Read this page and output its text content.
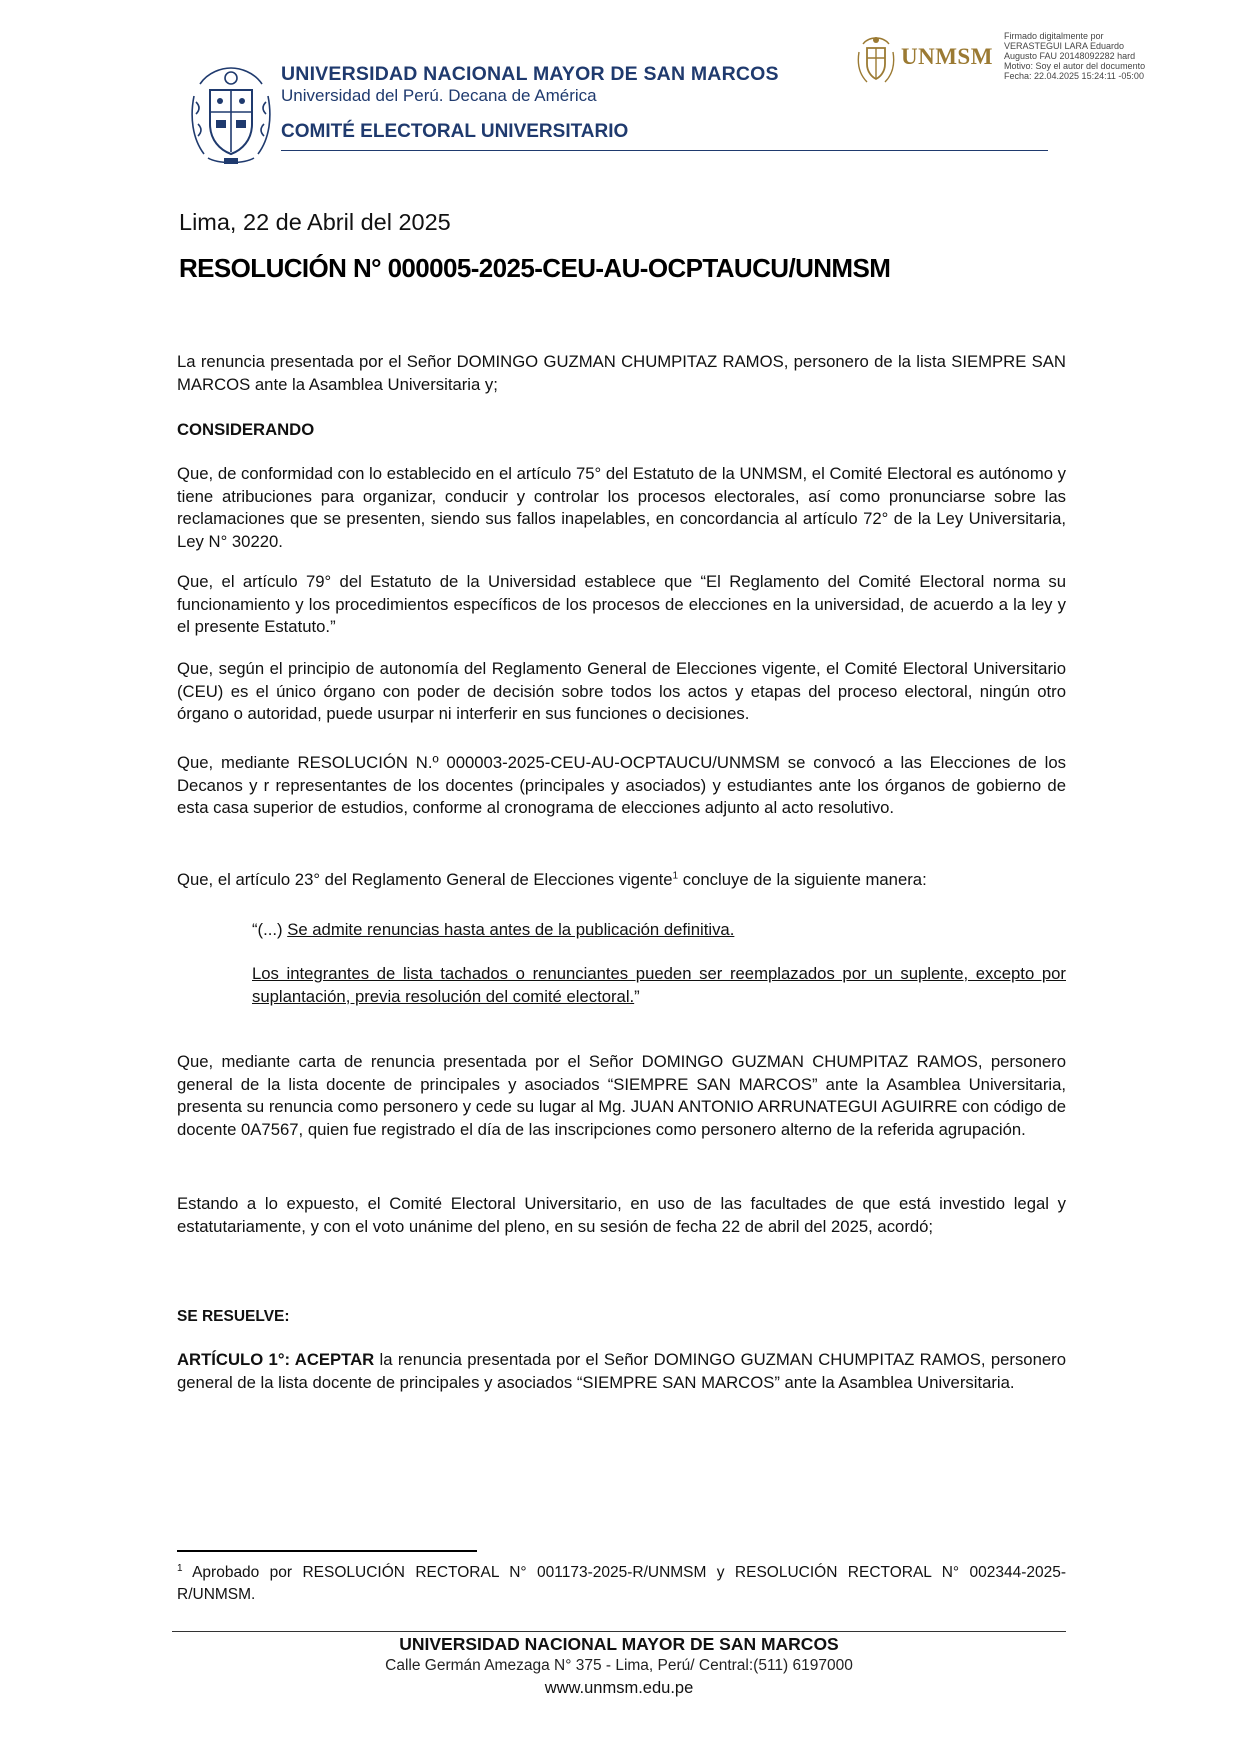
UNIVERSIDAD NACIONAL MAYOR DE SAN MARCOS
Universidad del Perú. Decana de América
COMITÉ ELECTORAL UNIVERSITARIO
UNMSM
Firmado digitalmente por
VERASTEGUI LARA Eduardo
Augusto FAU 20148092282 hard
Motivo: Soy el autor del documento
Fecha: 22.04.2025 15:24:11 -05:00
Lima, 22 de Abril del 2025
RESOLUCIÓN N° 000005-2025-CEU-AU-OCPTAUCU/UNMSM

La renuncia presentada por el Señor DOMINGO GUZMAN CHUMPITAZ RAMOS, personero de la lista SIEMPRE SAN MARCOS ante la Asamblea Universitaria y;

CONSIDERANDO

Que, de conformidad con lo establecido en el artículo 75° del Estatuto de la UNMSM, el Comité Electoral es autónomo y tiene atribuciones para organizar, conducir y controlar los procesos electorales, así como pronunciarse sobre las reclamaciones que se presenten, siendo sus fallos inapelables, en concordancia al artículo 72° de la Ley Universitaria, Ley N° 30220.

Que, el artículo 79° del Estatuto de la Universidad establece que “El Reglamento del Comité Electoral norma su funcionamiento y los procedimientos específicos de los procesos de elecciones en la universidad, de acuerdo a la ley y el presente Estatuto.”

Que, según el principio de autonomía del Reglamento General de Elecciones vigente, el Comité Electoral Universitario (CEU) es el único órgano con poder de decisión sobre todos los actos y etapas del proceso electoral, ningún otro órgano o autoridad, puede usurpar ni interferir en sus funciones o decisiones.

Que, mediante RESOLUCIÓN N.º 000003-2025-CEU-AU-OCPTAUCU/UNMSM se convocó a las Elecciones de los Decanos y r representantes de los docentes (principales y asociados) y estudiantes ante los órganos de gobierno de esta casa superior de estudios, conforme al cronograma de elecciones adjunto al acto resolutivo.

Que, el artículo 23° del Reglamento General de Elecciones vigente$^1$ concluye de la siguiente manera:
“(...) Se admite renuncias hasta antes de la publicación definitiva.
Los integrantes de lista tachados o renunciantes pueden ser reemplazados por un suplente, excepto por suplantación, previa resolución del comité electoral.”

Que, mediante carta de renuncia presentada por el Señor DOMINGO GUZMAN CHUMPITAZ RAMOS, personero general de la lista docente de principales y asociados “SIEMPRE SAN MARCOS” ante la Asamblea Universitaria, presenta su renuncia como personero y cede su lugar al Mg. JUAN ANTONIO ARRUNATEGUI AGUIRRE con código de docente 0A7567, quien fue registrado el día de las inscripciones como personero alterno de la referida agrupación.

Estando a lo expuesto, el Comité Electoral Universitario, en uso de las facultades de que está investido legal y estatutariamente, y con el voto unánime del pleno, en su sesión de fecha 22 de abril del 2025, acordó;

SE RESUELVE:
ARTÍCULO 1°: ACEPTAR la renuncia presentada por el Señor DOMINGO GUZMAN CHUMPITAZ RAMOS, personero general de la lista docente de principales y asociados “SIEMPRE SAN MARCOS” ante la Asamblea Universitaria.
$^1$ Aprobado por RESOLUCIÓN RECTORAL N° 001173-2025-R/UNMSM y RESOLUCIÓN RECTORAL N° 002344-2025-R/UNMSM.
UNIVERSIDAD NACIONAL MAYOR DE SAN MARCOS
Calle Germán Amezaga N° 375 - Lima, Perú/ Central:(511) 6197000
www.unmsm.edu.pe
